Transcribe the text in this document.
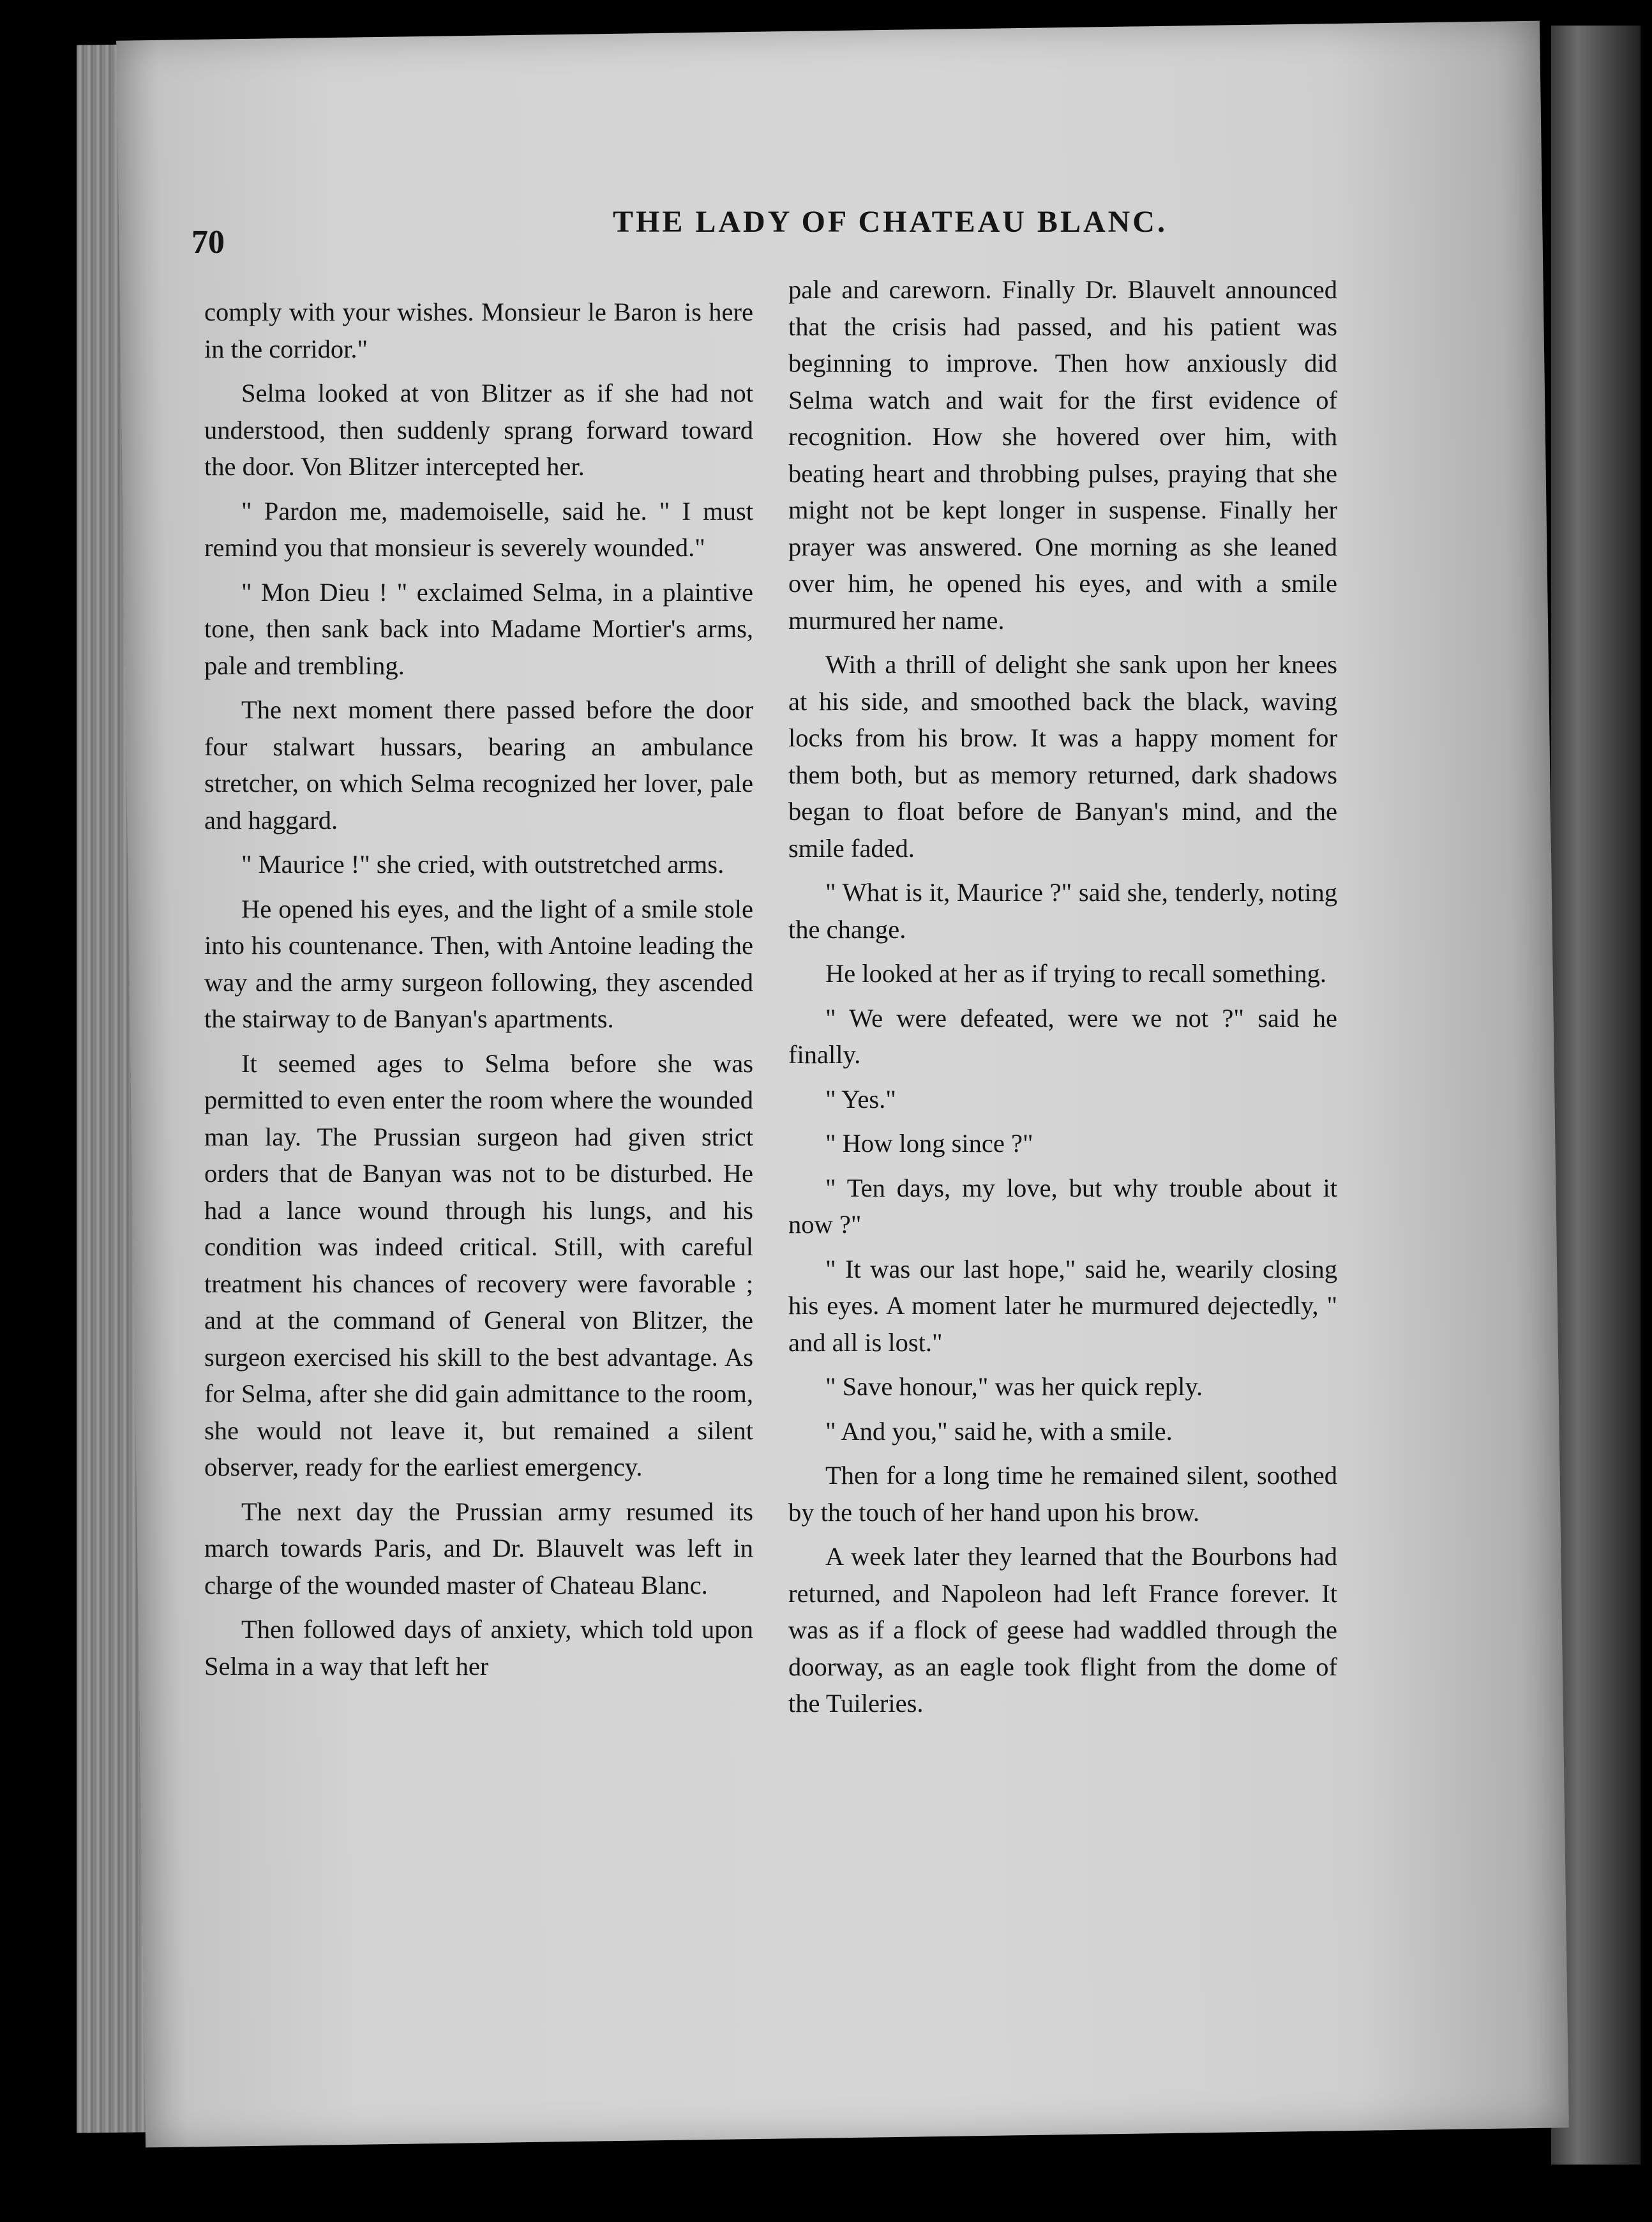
70
THE LADY OF CHATEAU BLANC.

comply with your wishes. Monsieur le Baron is here in the corridor."

Selma looked at von Blitzer as if she had not understood, then suddenly sprang forward toward the door. Von Blitzer intercepted her.

" Pardon me, mademoiselle, said he. " I must remind you that monsieur is severely wounded."

" Mon Dieu ! " exclaimed Selma, in a plaintive tone, then sank back into Madame Mortier's arms, pale and trembling.

The next moment there passed before the door four stalwart hussars, bearing an ambulance stretcher, on which Selma recognized her lover, pale and haggard.

" Maurice !" she cried, with outstretched arms.

He opened his eyes, and the light of a smile stole into his countenance. Then, with Antoine leading the way and the army surgeon following, they ascended the stairway to de Banyan's apartments.

It seemed ages to Selma before she was permitted to even enter the room where the wounded man lay. The Prussian surgeon had given strict orders that de Banyan was not to be disturbed. He had a lance wound through his lungs, and his condition was indeed critical. Still, with careful treatment his chances of recovery were favorable ; and at the command of General von Blitzer, the surgeon exercised his skill to the best advantage. As for Selma, after she did gain admittance to the room, she would not leave it, but remained a silent observer, ready for the earliest emergency.

The next day the Prussian army resumed its march towards Paris, and Dr. Blauvelt was left in charge of the wounded master of Chateau Blanc.

Then followed days of anxiety, which told upon Selma in a way that left her

pale and careworn. Finally Dr. Blauvelt announced that the crisis had passed, and his patient was beginning to improve. Then how anxiously did Selma watch and wait for the first evidence of recognition. How she hovered over him, with beating heart and throbbing pulses, praying that she might not be kept longer in suspense. Finally her prayer was answered. One morning as she leaned over him, he opened his eyes, and with a smile murmured her name.

With a thrill of delight she sank upon her knees at his side, and smoothed back the black, waving locks from his brow. It was a happy moment for them both, but as memory returned, dark shadows began to float before de Banyan's mind, and the smile faded.

" What is it, Maurice ?" said she, tenderly, noting the change.

He looked at her as if trying to recall something.

" We were defeated, were we not ?" said he finally.

" Yes."

" How long since ?"

" Ten days, my love, but why trouble about it now ?"

" It was our last hope," said he, wearily closing his eyes. A moment later he murmured dejectedly, " and all is lost."

" Save honour," was her quick reply.

" And you," said he, with a smile.

Then for a long time he remained silent, soothed by the touch of her hand upon his brow.

A week later they learned that the Bourbons had returned, and Napoleon had left France forever. It was as if a flock of geese had waddled through the doorway, as an eagle took flight from the dome of the Tuileries.
